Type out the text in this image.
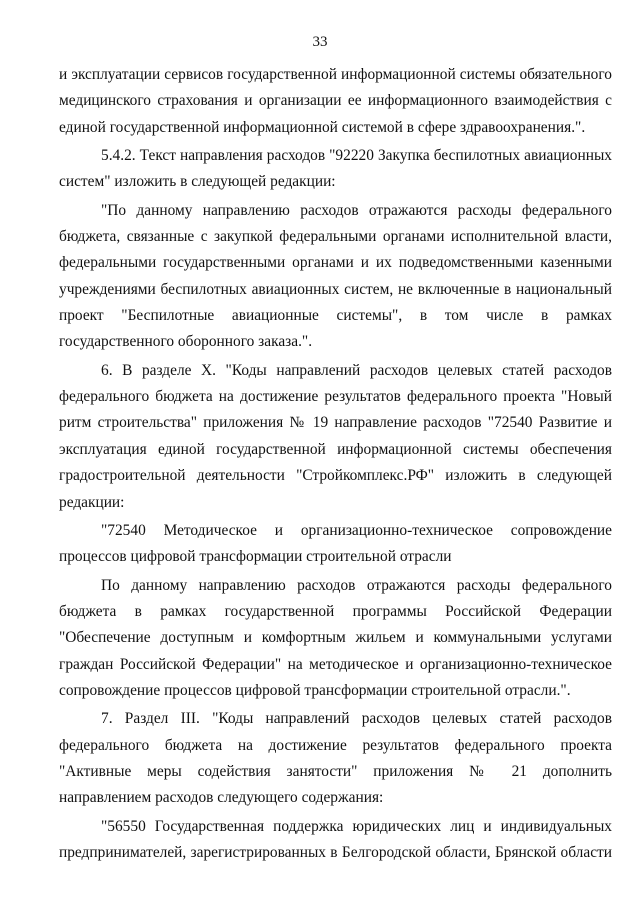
33

и эксплуатации сервисов государственной информационной системы обязательного медицинского страхования и организации ее информационного взаимодействия с единой государственной информационной системой в сфере здравоохранения.".

5.4.2. Текст направления расходов "92220 Закупка беспилотных авиационных систем" изложить в следующей редакции:

"По данному направлению расходов отражаются расходы федерального бюджета, связанные с закупкой федеральными органами исполнительной власти, федеральными государственными органами и их подведомственными казенными учреждениями беспилотных авиационных систем, не включенные в национальный проект "Беспилотные авиационные системы", в том числе в рамках государственного оборонного заказа.".

6. В разделе X. "Коды направлений расходов целевых статей расходов федерального бюджета на достижение результатов федерального проекта "Новый ритм строительства" приложения № 19 направление расходов "72540 Развитие и эксплуатация единой государственной информационной системы обеспечения градостроительной деятельности "Стройкомплекс.РФ" изложить в следующей редакции:

"72540 Методическое и организационно-техническое сопровождение процессов цифровой трансформации строительной отрасли

По данному направлению расходов отражаются расходы федерального бюджета в рамках государственной программы Российской Федерации "Обеспечение доступным и комфортным жильем и коммунальными услугами граждан Российской Федерации" на методическое и организационно-техническое сопровождение процессов цифровой трансформации строительной отрасли.".

7. Раздел III. "Коды направлений расходов целевых статей расходов федерального бюджета на достижение результатов федерального проекта "Активные меры содействия занятости" приложения № 21 дополнить направлением расходов следующего содержания:

"56550 Государственная поддержка юридических лиц и индивидуальных предпринимателей, зарегистрированных в Белгородской области, Брянской области
